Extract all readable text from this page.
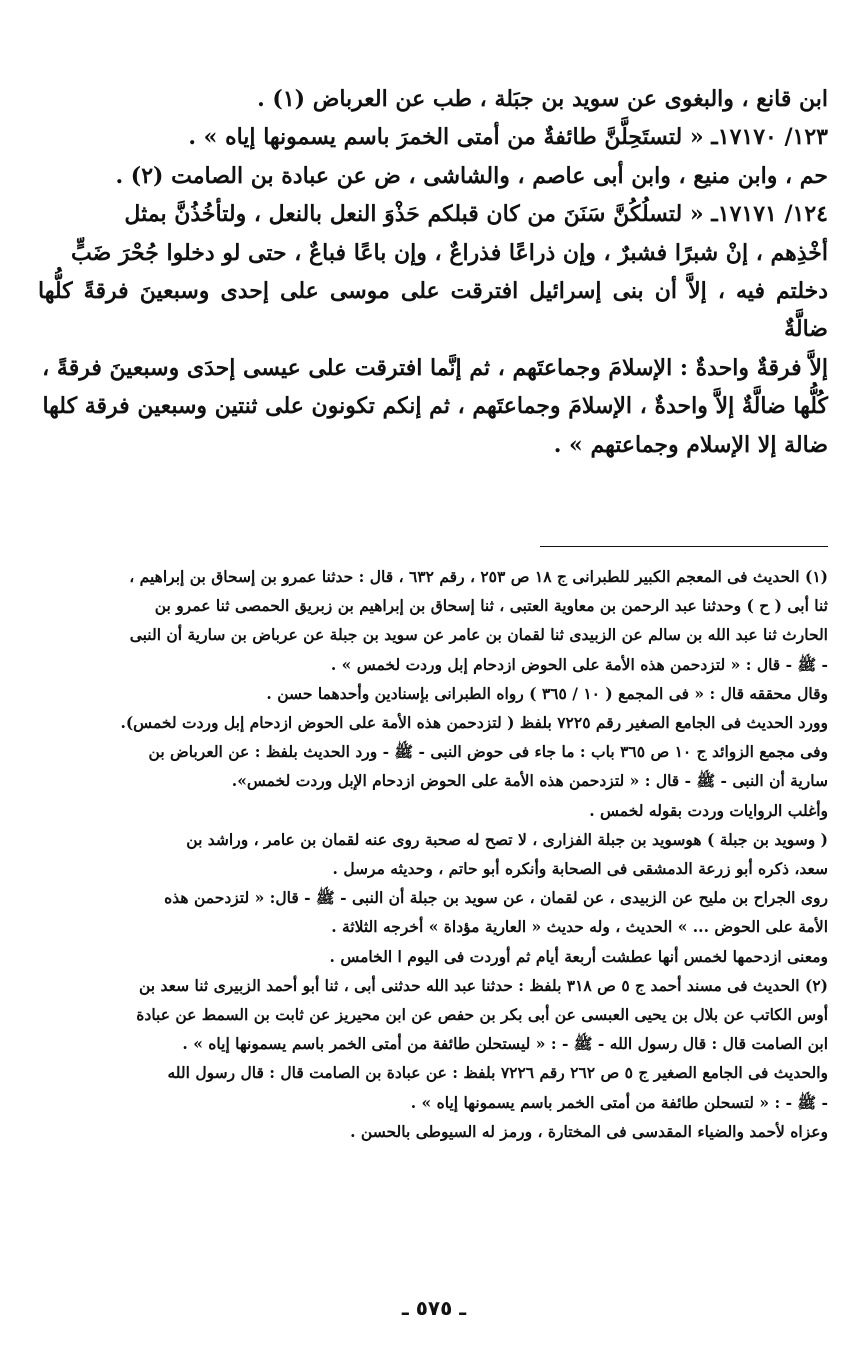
ابن قانع ، والبغوى عن سويد بن جبَلة ، طب عن العرباض (١) .

١٢٣/ ١٧١٧٠ـ « لتستَحِلَّنَّ طائفةٌ من أمتى الخمرَ باسم يسمونها إياه » .

حم ، وابن منيع ، وابن أبى عاصم ، والشاشى ، ض عن عبادة بن الصامت (٢) .

١٢٤/ ١٧١٧١ـ « لتسلُكُنَّ سَنَنَ من كان قبلكم حَذْوَ النعل بالنعل ، ولتأخُذُنَّ بمثل

أخْذِهم ، إنْ شبرًا فشبرٌ ، وإن ذراعًا فذراعٌ ، وإن باعًا فباعٌ ، حتى لو دخلوا جُحْرَ ضَبٍّ

دخلتم فيه ، إلاَّ أن بنى إسرائيل افترقت على موسى على إحدى وسبعينَ فرقةً كلُّها ضالَّةٌ

إلاَّ فرقةٌ واحدةٌ : الإسلامَ وجماعتَهم ، ثم إنَّما افترقت على عيسى إحدَى وسبعينَ فرقةً ،

كُلُّها ضالَّةٌ إلاَّ واحدةٌ ، الإسلامَ وجماعتَهم ، ثم إنكم تكونون على ثنتين وسبعين فرقة كلها

ضالة إلا الإسلام وجماعتهم » .

(١) الحديث فى المعجم الكبير للطبرانى ج ١٨ ص ٢٥٣ ، رقم ٦٣٢ ، قال : حدثنا عمرو بن إسحاق بن إبراهيم ،

ثنا أبى ( ح ) وحدثنا عبد الرحمن بن معاوية العتبى ، ثنا إسحاق بن إبراهيم بن زبريق الحمصى ثنا عمرو بن

الحارث ثنا عبد الله بن سالم عن الزبيدى ثنا لقمان بن عامر عن سويد بن جبلة عن عرباض بن سارية أن النبى

- ﷺ - قال : « لتزدحمن هذه الأمة على الحوض ازدحام إبل وردت لخمس » .

وقال محققه قال : « فى المجمع ( ١٠ / ٣٦٥ ) رواه الطبرانى بإسنادين وأحدهما حسن .

وورد الحديث فى الجامع الصغير رقم ٧٢٢٥ بلفظ ( لتزدحمن هذه الأمة على الحوض ازدحام إبل وردت لخمس).

وفى مجمع الزوائد ج ١٠ ص ٣٦٥ باب : ما جاء فى حوض النبى - ﷺ - ورد الحديث بلفظ : عن العرباض بن

سارية أن النبى - ﷺ - قال : « لتزدحمن هذه الأمة على الحوض ازدحام الإبل وردت لخمس».

وأغلب الروايات وردت بقوله لخمس .

( وسويد بن جبلة ) هوسويد بن جبلة الفزارى ، لا تصح له صحبة روى عنه لقمان بن عامر ، وراشد بن

سعد، ذكره أبو زرعة الدمشقى فى الصحابة وأنكره أبو حاتم ، وحديثه مرسل .

روى الجراح بن مليح عن الزبيدى ، عن لقمان ، عن سويد بن جبلة أن النبى - ﷺ - قال: « لتزدحمن هذه

الأمة على الحوض ... » الحديث ، وله حديث « العارية مؤداة » أخرجه الثلاثة .

ومعنى ازدحمها لخمس أنها عطشت أربعة أيام ثم أوردت فى اليوم ا الخامس .

(٢) الحديث فى مسند أحمد ج ٥ ص ٣١٨ بلفظ : حدثنا عبد الله حدثنى أبى ، ثنا أبو أحمد الزبيرى ثنا سعد بن

أوس الكاتب عن بلال بن يحيى العبسى عن أبى بكر بن حفص عن ابن محيريز عن ثابت بن السمط عن عبادة

ابن الصامت قال : قال رسول الله - ﷺ - : « ليستحلن طائفة من أمتى الخمر باسم يسمونها إياه » .

والحديث فى الجامع الصغير ج ٥ ص ٢٦٢ رقم ٧٢٢٦ بلفظ : عن عبادة بن الصامت قال : قال رسول الله

- ﷺ - : « لتسحلن طائفة من أمتى الخمر باسم يسمونها إياه » .

وعزاه لأحمد والضياء المقدسى فى المختارة ، ورمز له السيوطى بالحسن .

ـ ٥٧٥ ـ
